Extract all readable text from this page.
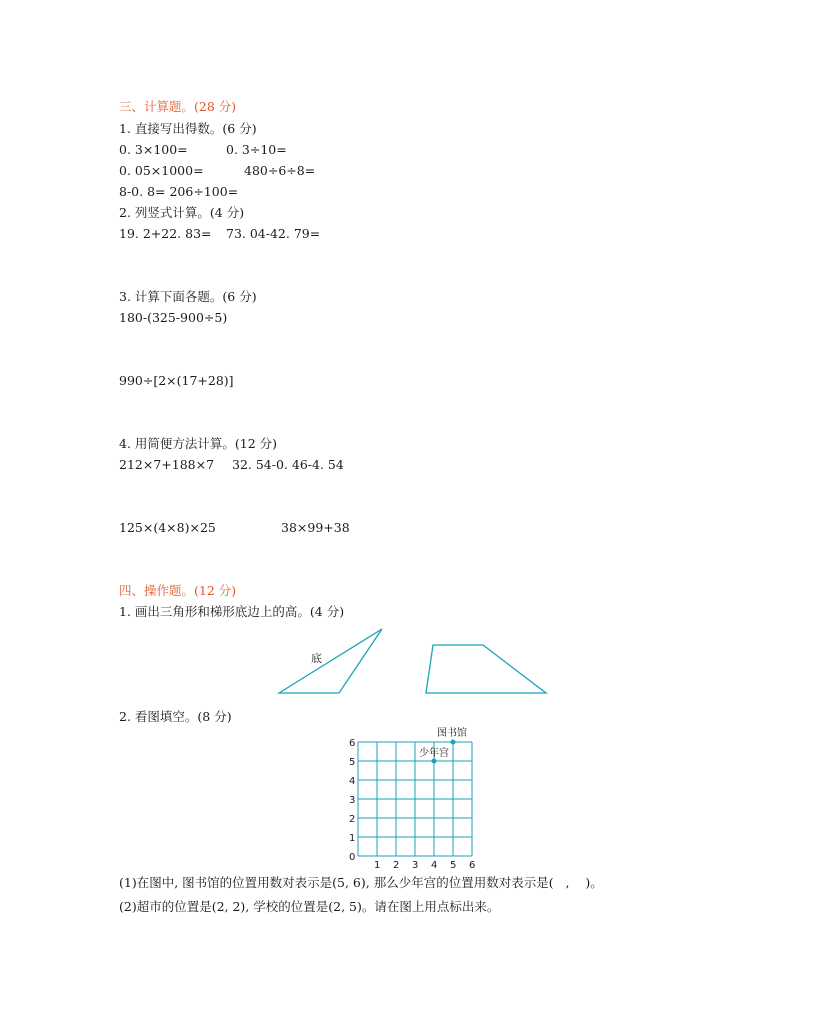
三、计算题。(28 分)
1. 直接写出得数。(6 分)
0. 3×100=	0. 3÷10=
0. 05×1000=	480÷6÷8=
8-0. 8= 206÷100=
2. 列竖式计算。(4 分)
19. 2+22. 83= 73. 04-42. 79=
3. 计算下面各题。(6 分)
180-(325-900÷5)
990÷[2×(17+28)]
4. 用简便方法计算。(12 分)
212×7+188×7 32. 54-0. 46-4. 54
125×(4×8)×25	38×99+38
四、操作题。(12 分)
1. 画出三角形和梯形底边上的高。(4 分)
底
2. 看图填空。(8 分)
0
1
2
3
4
5
6
1 2 3 4 5 6
图书馆
少年宫
(1)在图中, 图书馆的位置用数对表示是(5, 6), 那么少年宫的位置用数对表示是(   ,    )。
(2)超市的位置是(2, 2), 学校的位置是(2, 5)。请在图上用点标出来。
